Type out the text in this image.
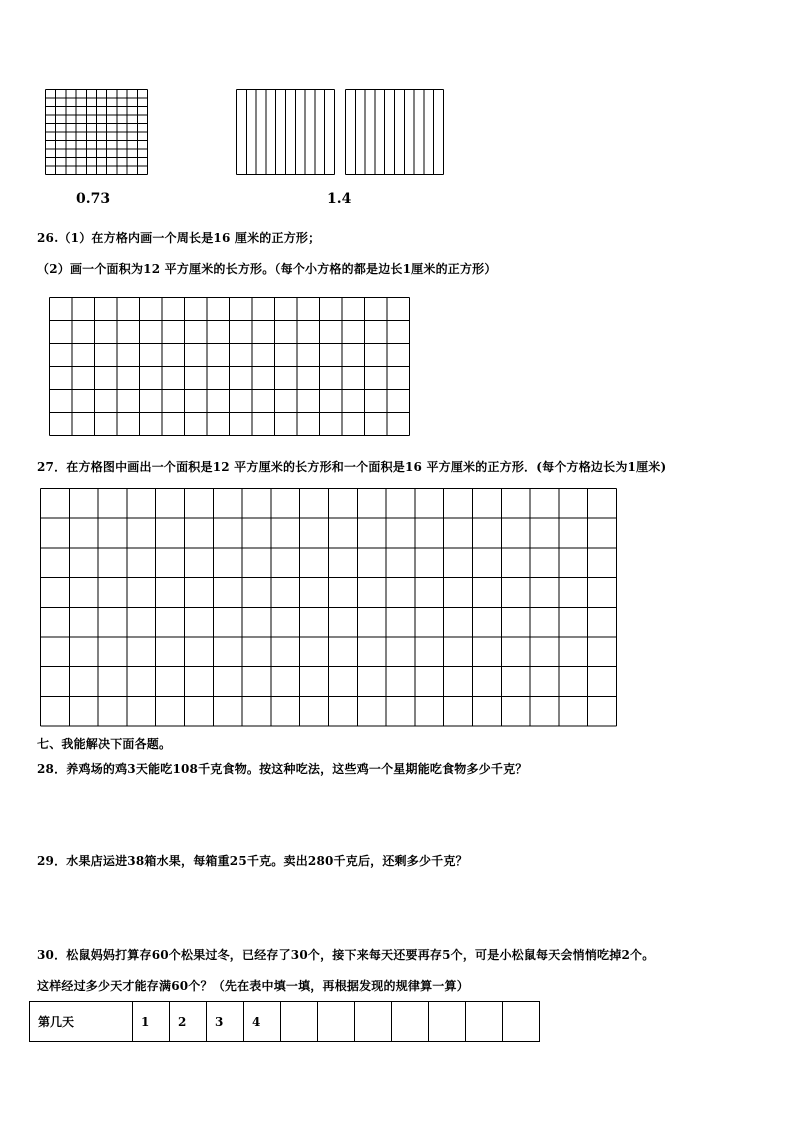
0.73	1.4
26.（1）在方格内画一个周长是16 厘米的正方形；
（2）画一个面积为12 平方厘米的长方形。（每个小方格的都是边长1厘米的正方形）
27．在方格图中画出一个面积是12 平方厘米的长方形和一个面积是16 平方厘米的正方形．(每个方格边长为1厘米)
七、我能解决下面各题。
28．养鸡场的鸡3天能吃108千克食物。按这种吃法，这些鸡一个星期能吃食物多少千克？
29．水果店运进38箱水果，每箱重25千克。卖出280千克后，还剩多少千克？
30．松鼠妈妈打算存60个松果过冬，已经存了30个，接下来每天还要再存5个，可是小松鼠每天会悄悄吃掉2个。
这样经过多少天才能存满60个？（先在表中填一填，再根据发现的规律算一算）
第几天	1	2	3	4							
